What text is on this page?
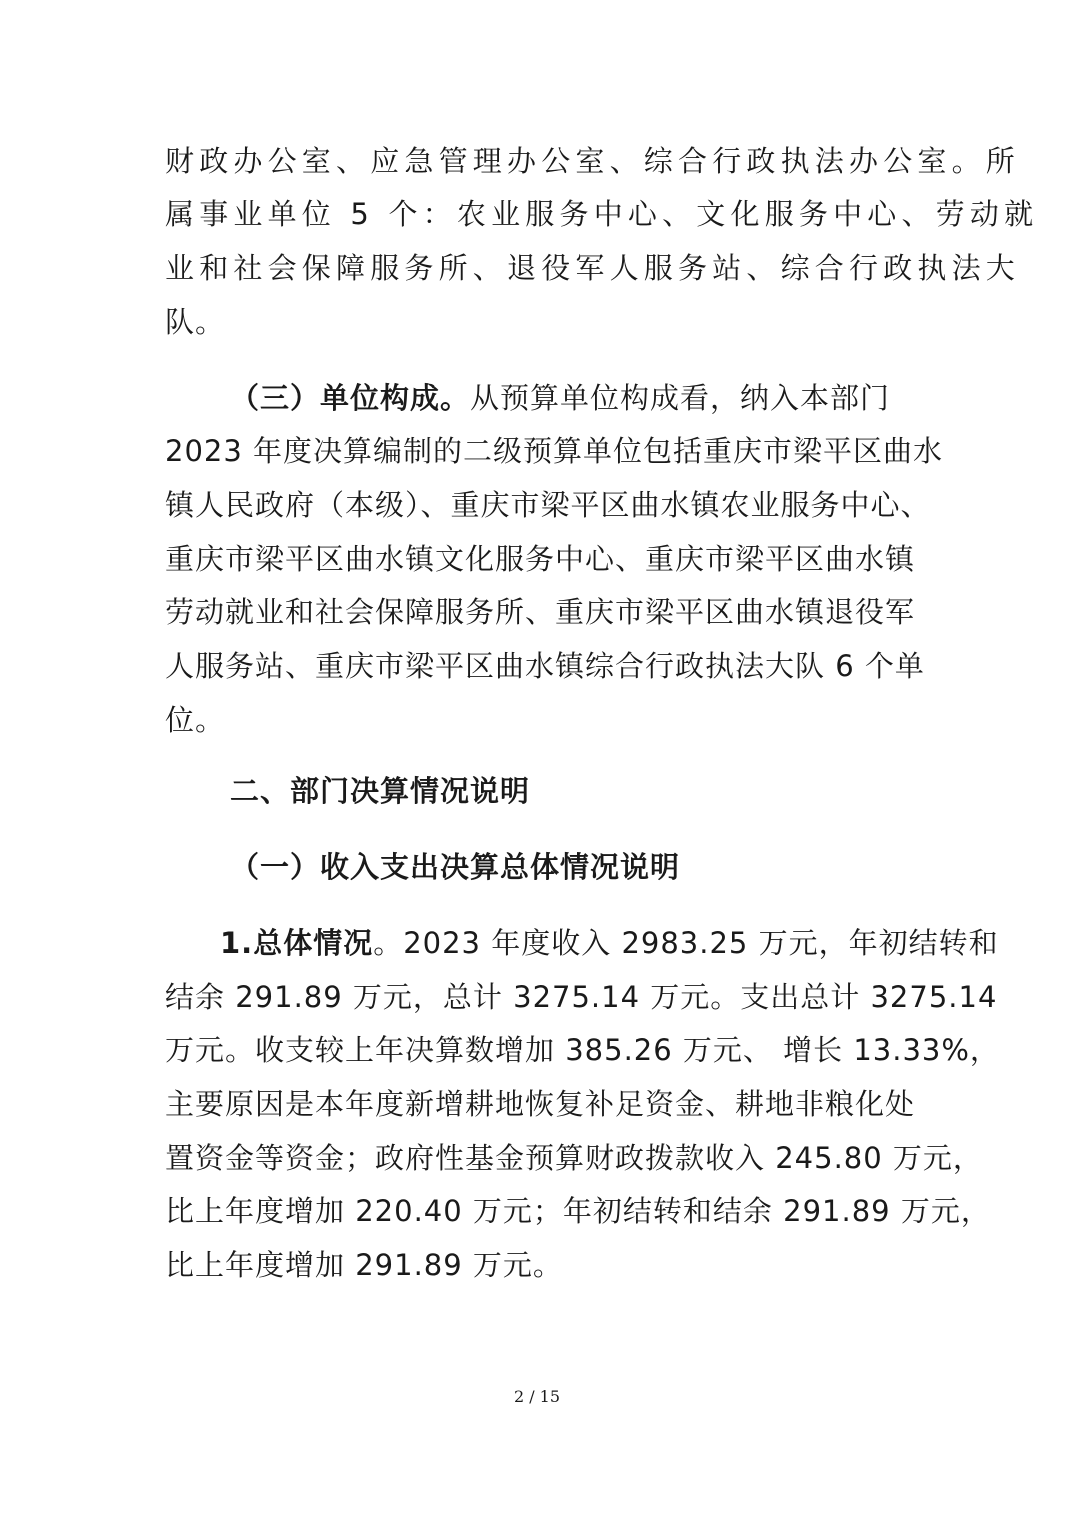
财政办公室、应急管理办公室、综合行政执法办公室。所
属事业单位 5 个：农业服务中心、文化服务中心、劳动就
业和社会保障服务所、退役军人服务站、综合行政执法大
队。
（三）单位构成。从预算单位构成看，纳入本部门
2023 年度决算编制的二级预算单位包括重庆市梁平区曲水
镇人民政府（本级）、重庆市梁平区曲水镇农业服务中心、
重庆市梁平区曲水镇文化服务中心、重庆市梁平区曲水镇
劳动就业和社会保障服务所、重庆市梁平区曲水镇退役军
人服务站、重庆市梁平区曲水镇综合行政执法大队 6 个单
位。
二、部门决算情况说明
（一）收入支出决算总体情况说明
1.总体情况。2023 年度收入 2983.25 万元，年初结转和
结余 291.89 万元，总计 3275.14 万元。支出总计 3275.14
万元。收支较上年决算数增加 385.26 万元、 增长 13.33%，
主要原因是本年度新增耕地恢复补足资金、耕地非粮化处
置资金等资金；政府性基金预算财政拨款收入 245.80 万元，
比上年度增加 220.40 万元；年初结转和结余 291.89 万元，
比上年度增加 291.89 万元。
2 / 15
